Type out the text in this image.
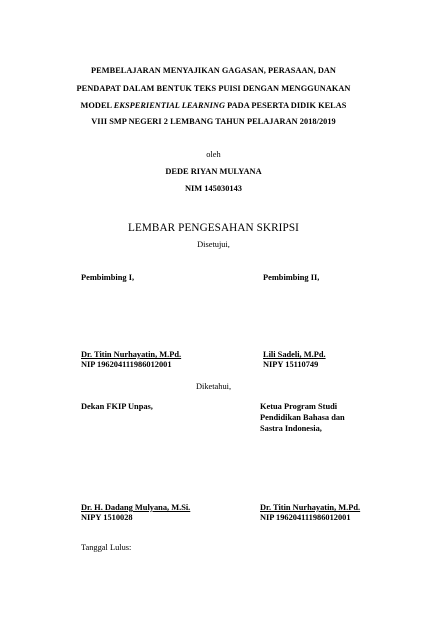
PEMBELAJARAN MENYAJIKAN GAGASAN, PERASAAN, DAN
PENDAPAT DALAM BENTUK TEKS PUISI DENGAN MENGGUNAKAN
MODEL EKSPERIENTIAL LEARNING PADA PESERTA DIDIK KELAS
VIII SMP NEGERI 2 LEMBANG TAHUN PELAJARAN 2018/2019
oleh
DEDE RIYAN MULYANA
NIM 145030143
LEMBAR PENGESAHAN SKRIPSI
Disetujui,
Pembimbing I,	Pembimbing II,
Dr. Titin Nurhayatin, M.Pd.
NIP 196204111986012001
Lili Sadeli, M.Pd.
NIPY 15110749
Diketahui,
Dekan FKIP Unpas,	Ketua Program Studi
Pendidikan Bahasa dan
Sastra Indonesia,
Dr. H. Dadang Mulyana, M.Si.
NIPY 1510028
Dr. Titin Nurhayatin, M.Pd.
NIP 196204111986012001
Tanggal Lulus:
